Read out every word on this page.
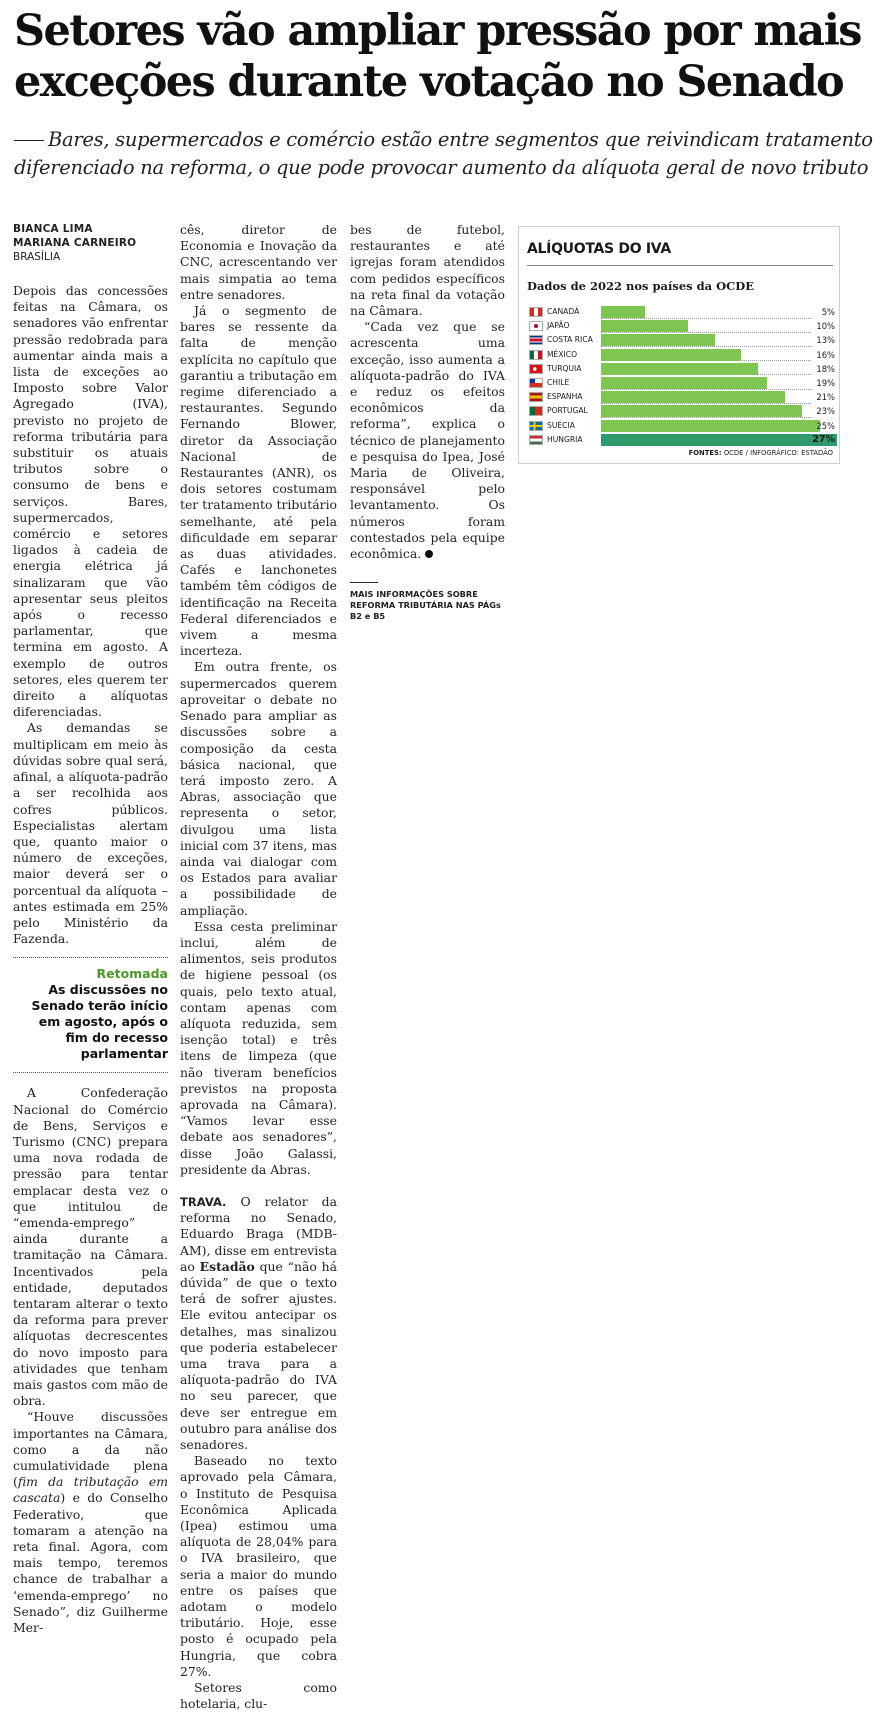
Setores vão ampliar pressão por mais
exceções durante votação no Senado
Bares, supermercados e comércio estão entre segmentos que reivindicam tratamento
diferenciado na reforma, o que pode provocar aumento da alíquota geral de novo tributo
BIANCA LIMA
MARIANA CARNEIRO
BRASÍLIA

Depois das concessões feitas na Câmara, os senadores vão enfrentar pressão redobrada para aumentar ainda mais a lista de exceções ao Imposto sobre Valor Agregado (IVA), previsto no projeto de reforma tributária para substituir os atuais tributos sobre o consumo de bens e serviços. Bares, supermercados, comércio e setores ligados à cadeia de energia elétrica já sinalizaram que vão apresentar seus pleitos após o recesso parlamentar, que termina em agosto. A exemplo de outros setores, eles querem ter direito a alíquotas diferenciadas.

As demandas se multiplicam em meio às dúvidas sobre qual será, afinal, a alíquota-padrão a ser recolhida aos cofres públicos. Especialistas alertam que, quanto maior o número de exceções, maior deverá ser o porcentual da alíquota – antes estimada em 25% pelo Ministério da Fazenda.

Retomada
As discussões no Senado terão início em agosto, após o fim do recesso parlamentar

A Confederação Nacional do Comércio de Bens, Serviços e Turismo (CNC) prepara uma nova rodada de pressão para tentar emplacar desta vez o que intitulou de “emenda-emprego” ainda durante a tramitação na Câmara. Incentivados pela entidade, deputados tentaram alterar o texto da reforma para prever alíquotas decrescentes do novo imposto para atividades que tenham mais gastos com mão de obra.

“Houve discussões importantes na Câmara, como a da não cumulatividade plena (fim da tributação em cascata) e do Conselho Federativo, que tomaram a atenção na reta final. Agora, com mais tempo, teremos chance de trabalhar a ‘emenda-emprego’ no Senado”, diz Guilherme Mer-

cês, diretor de Economia e Inovação da CNC, acrescentando ver mais simpatia ao tema entre senadores.

Já o segmento de bares se ressente da falta de menção explícita no capítulo que garantiu a tributação em regime diferenciado a restaurantes. Segundo Fernando Blower, diretor da Associação Nacional de Restaurantes (ANR), os dois setores costumam ter tratamento tributário semelhante, até pela dificuldade em separar as duas atividades. Cafés e lanchonetes também têm códigos de identificação na Receita Federal diferenciados e vivem a mesma incerteza.

Em outra frente, os supermercados querem aproveitar o debate no Senado para ampliar as discussões sobre a composição da cesta básica nacional, que terá imposto zero. A Abras, associação que representa o setor, divulgou uma lista inicial com 37 itens, mas ainda vai dialogar com os Estados para avaliar a possibilidade de ampliação.

Essa cesta preliminar inclui, além de alimentos, seis produtos de higiene pessoal (os quais, pelo texto atual, contam apenas com alíquota reduzida, sem isenção total) e três itens de limpeza (que não tiveram benefícios previstos na proposta aprovada na Câmara). “Vamos levar esse debate aos senadores”, disse João Galassi, presidente da Abras.

TRAVA. O relator da reforma no Senado, Eduardo Braga (MDB-AM), disse em entrevista ao Estadão que “não há dúvida” de que o texto terá de sofrer ajustes. Ele evitou antecipar os detalhes, mas sinalizou que poderia estabelecer uma trava para a alíquota-padrão do IVA no seu parecer, que deve ser entregue em outubro para análise dos senadores.

Baseado no texto aprovado pela Câmara, o Instituto de Pesquisa Econômica Aplicada (Ipea) estimou uma alíquota de 28,04% para o IVA brasileiro, que seria a maior do mundo entre os países que adotam o modelo tributário. Hoje, esse posto é ocupado pela Hungria, que cobra 27%.

Setores como hotelaria, clu-

bes de futebol, restaurantes e até igrejas foram atendidos com pedidos específicos na reta final da votação na Câmara.

“Cada vez que se acrescenta uma exceção, isso aumenta a alíquota-padrão do IVA e reduz os efeitos econômicos da reforma”, explica o técnico de planejamento e pesquisa do Ipea, José Maria de Oliveira, responsável pelo levantamento. Os números foram contestados pela equipe econômica.

MAIS INFORMAÇÕES SOBRE REFORMA TRIBUTÁRIA NAS PÁGs B2 e B5
ALÍQUOTAS DO IVA
Dados de 2022 nos países da OCDE
CANADÁ	5%
JAPÃO	10%
COSTA RICA	13%
MÉXICO	16%
TURQUIA	18%
CHILE	19%
ESPANHA	21%
PORTUGAL	23%
SUÉCIA	25%
HUNGRIA	27%
FONTES: OCDE / INFOGRÁFICO: ESTADÃO
